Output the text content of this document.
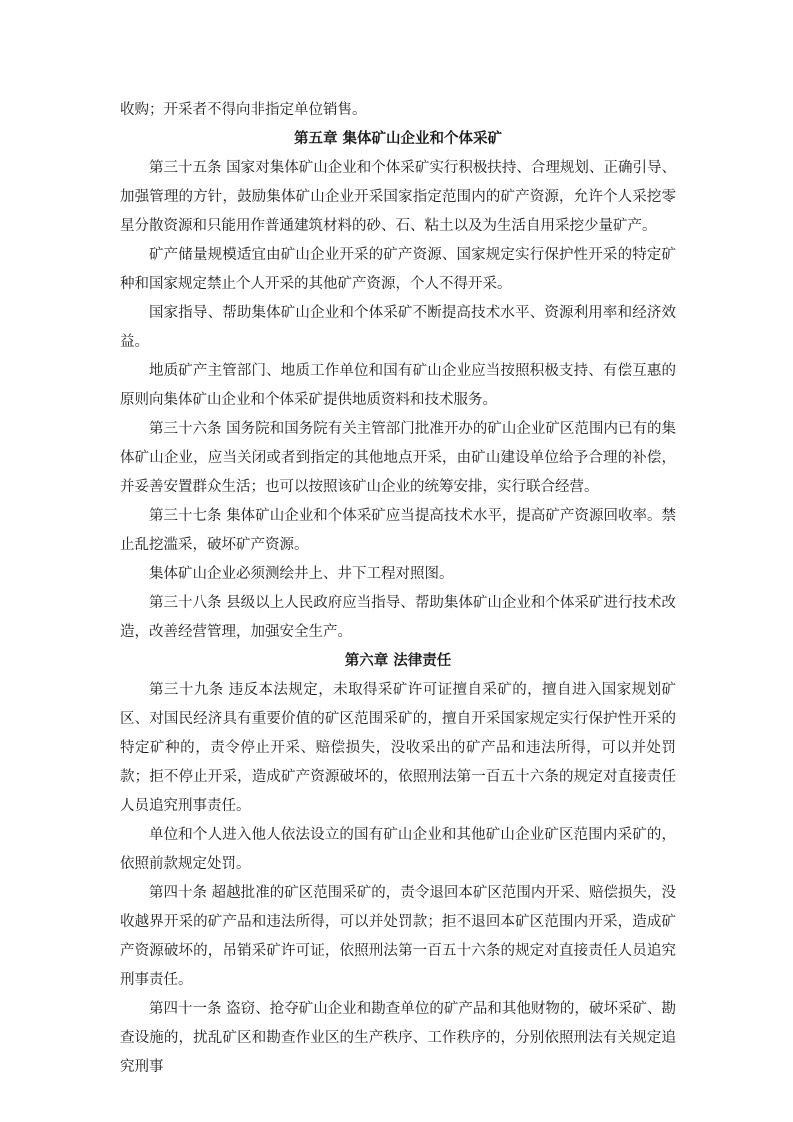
收购；开采者不得向非指定单位销售。

第五章 集体矿山企业和个体采矿

第三十五条 国家对集体矿山企业和个体采矿实行积极扶持、合理规划、正确引导、加强管理的方针，鼓励集体矿山企业开采国家指定范围内的矿产资源，允许个人采挖零星分散资源和只能用作普通建筑材料的砂、石、粘土以及为生活自用采挖少量矿产。

矿产储量规模适宜由矿山企业开采的矿产资源、国家规定实行保护性开采的特定矿种和国家规定禁止个人开采的其他矿产资源，个人不得开采。

国家指导、帮助集体矿山企业和个体采矿不断提高技术水平、资源利用率和经济效益。

地质矿产主管部门、地质工作单位和国有矿山企业应当按照积极支持、有偿互惠的原则向集体矿山企业和个体采矿提供地质资料和技术服务。

第三十六条 国务院和国务院有关主管部门批准开办的矿山企业矿区范围内已有的集体矿山企业，应当关闭或者到指定的其他地点开采，由矿山建设单位给予合理的补偿，并妥善安置群众生活；也可以按照该矿山企业的统筹安排，实行联合经营。

第三十七条 集体矿山企业和个体采矿应当提高技术水平，提高矿产资源回收率。禁止乱挖滥采，破坏矿产资源。

集体矿山企业必须测绘井上、井下工程对照图。

第三十八条 县级以上人民政府应当指导、帮助集体矿山企业和个体采矿进行技术改造，改善经营管理，加强安全生产。

第六章 法律责任

第三十九条 违反本法规定，未取得采矿许可证擅自采矿的，擅自进入国家规划矿区、对国民经济具有重要价值的矿区范围采矿的，擅自开采国家规定实行保护性开采的特定矿种的，责令停止开采、赔偿损失，没收采出的矿产品和违法所得，可以并处罚款；拒不停止开采，造成矿产资源破坏的，依照刑法第一百五十六条的规定对直接责任人员追究刑事责任。

单位和个人进入他人依法设立的国有矿山企业和其他矿山企业矿区范围内采矿的，依照前款规定处罚。

第四十条 超越批准的矿区范围采矿的，责令退回本矿区范围内开采、赔偿损失，没收越界开采的矿产品和违法所得，可以并处罚款；拒不退回本矿区范围内开采，造成矿产资源破坏的，吊销采矿许可证，依照刑法第一百五十六条的规定对直接责任人员追究刑事责任。

第四十一条 盗窃、抢夺矿山企业和勘查单位的矿产品和其他财物的，破坏采矿、勘查设施的，扰乱矿区和勘查作业区的生产秩序、工作秩序的，分别依照刑法有关规定追究刑事
